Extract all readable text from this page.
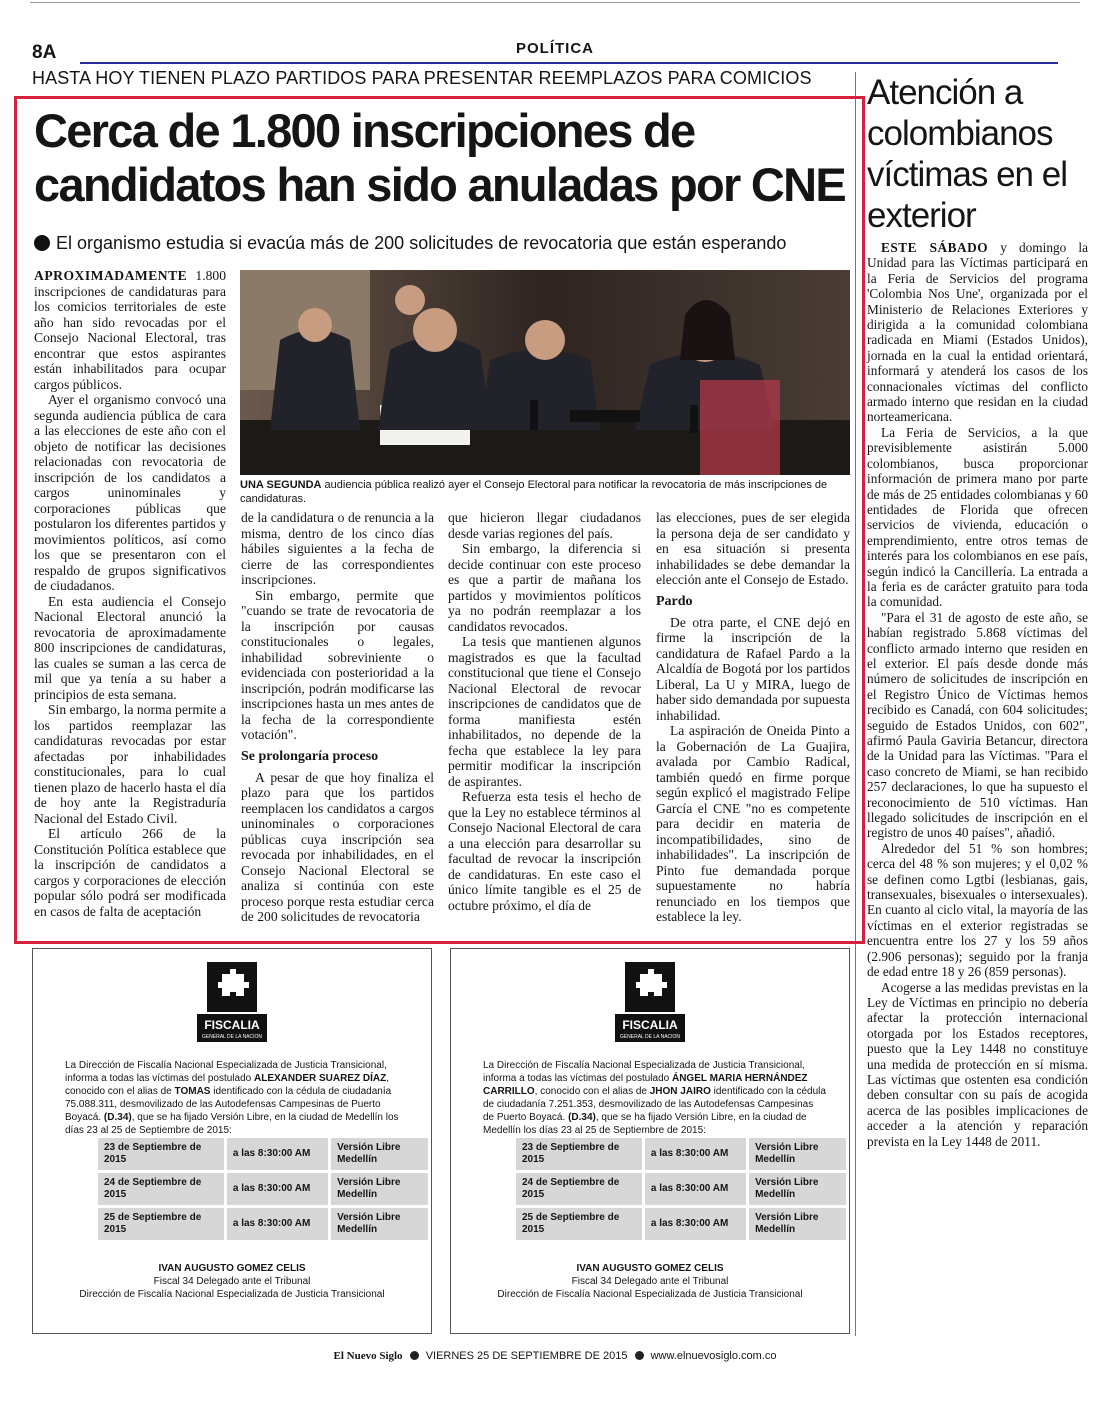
8A	POLÍTICA
HASTA HOY TIENEN PLAZO PARTIDOS PARA PRESENTAR REEMPLAZOS PARA COMICIOS
Cerca de 1.800 inscripciones de candidatos han sido anuladas por CNE
El organismo estudia si evacúa más de 200 solicitudes de revocatoria que están esperando
UNA SEGUNDA audiencia pública realizó ayer el Consejo Electoral para notificar la revocatoria de más inscripciones de candidaturas.

APROXIMADAMENTE 1.800 inscripciones de candidaturas para los comicios territoriales de este año han sido revocadas por el Consejo Nacional Electoral, tras encontrar que estos aspirantes están inhabilitados para ocupar cargos públicos.

Ayer el organismo convocó una segunda audiencia pública de cara a las elecciones de este año con el objeto de notificar las decisiones relacionadas con revocatoria de inscripción de los candidatos a cargos uninominales y corporaciones públicas que postularon los diferentes partidos y movimientos políticos, así como los que se presentaron con el respaldo de grupos significativos de ciudadanos.

En esta audiencia el Consejo Nacional Electoral anunció la revocatoria de aproximadamente 800 inscripciones de candidaturas, las cuales se suman a las cerca de mil que ya tenía a su haber a principios de esta semana.

Sin embargo, la norma permite a los partidos reemplazar las candidaturas revocadas por estar afectadas por inhabilidades constitucionales, para lo cual tienen plazo de hacerlo hasta el día de hoy ante la Registraduría Nacional del Estado Civil.

El artículo 266 de la Constitución Política establece que la inscripción de candidatos a cargos y corporaciones de elección popular sólo podrá ser modificada en casos de falta de aceptación

de la candidatura o de renuncia a la misma, dentro de los cinco días hábiles siguientes a la fecha de cierre de las correspondientes inscripciones.

Sin embargo, permite que "cuando se trate de revocatoria de la inscripción por causas constitucionales o legales, inhabilidad sobreviniente o evidenciada con posterioridad a la inscripción, podrán modificarse las inscripciones hasta un mes antes de la fecha de la correspondiente votación".

Se prolongaría proceso

A pesar de que hoy finaliza el plazo para que los partidos reemplacen los candidatos a cargos uninominales o corporaciones públicas cuya inscripción sea revocada por inhabilidades, en el Consejo Nacional Electoral se analiza si continúa con este proceso porque resta estudiar cerca de 200 solicitudes de revocatoria

que hicieron llegar ciudadanos desde varias regiones del país.

Sin embargo, la diferencia si decide continuar con este proceso es que a partir de mañana los partidos y movimientos políticos ya no podrán reemplazar a los candidatos revocados.

La tesis que mantienen algunos magistrados es que la facultad constitucional que tiene el Consejo Nacional Electoral de revocar inscripciones de candidatos que de forma manifiesta estén inhabilitados, no depende de la fecha que establece la ley para permitir modificar la inscripción de aspirantes.

Refuerza esta tesis el hecho de que la Ley no establece términos al Consejo Nacional Electoral de cara a una elección para desarrollar su facultad de revocar la inscripción de candidaturas. En este caso el único límite tangible es el 25 de octubre próximo, el día de

las elecciones, pues de ser elegida la persona deja de ser candidato y en esa situación si presenta inhabilidades se debe demandar la elección ante el Consejo de Estado.

Pardo

De otra parte, el CNE dejó en firme la inscripción de la candidatura de Rafael Pardo a la Alcaldía de Bogotá por los partidos Liberal, La U y MIRA, luego de haber sido demandada por supuesta inhabilidad.

La aspiración de Oneida Pinto a la Gobernación de La Guajira, avalada por Cambio Radical, también quedó en firme porque según explicó el magistrado Felipe García el CNE "no es competente para decidir en materia de incompatibilidades, sino de inhabilidades". La inscripción de Pinto fue demandada porque supuestamente no habría renunciado en los tiempos que establece la ley.

Atención a colombianos víctimas en el exterior

ESTE SÁBADO y domingo la Unidad para las Víctimas participará en la Feria de Servicios del programa 'Colombia Nos Une', organizada por el Ministerio de Relaciones Exteriores y dirigida a la comunidad colombiana radicada en Miami (Estados Unidos), jornada en la cual la entidad orientará, informará y atenderá los casos de los connacionales víctimas del conflicto armado interno que residan en la ciudad norteamericana.

La Feria de Servicios, a la que previsiblemente asistirán 5.000 colombianos, busca proporcionar información de primera mano por parte de más de 25 entidades colombianas y 60 entidades de Florida que ofrecen servicios de vivienda, educación o emprendimiento, entre otros temas de interés para los colombianos en ese país, según indicó la Cancillería. La entrada a la feria es de carácter gratuito para toda la comunidad.

"Para el 31 de agosto de este año, se habían registrado 5.868 víctimas del conflicto armado interno que residen en el exterior. El país desde donde más número de solicitudes de inscripción en el Registro Único de Víctimas hemos recibido es Canadá, con 604 solicitudes; seguido de Estados Unidos, con 602", afirmó Paula Gaviria Betancur, directora de la Unidad para las Víctimas. "Para el caso concreto de Miami, se han recibido 257 declaraciones, lo que ha supuesto el reconocimiento de 510 víctimas. Han llegado solicitudes de inscripción en el registro de unos 40 países", añadió.

Alrededor del 51 % son hombres; cerca del 48 % son mujeres; y el 0,02 % se definen como Lgtbi (lesbianas, gais, transexuales, bisexuales o intersexuales). En cuanto al ciclo vital, la mayoría de las víctimas en el exterior registradas se encuentra entre los 27 y los 59 años (2.906 personas); seguido por la franja de edad entre 18 y 26 (859 personas).

Acogerse a las medidas previstas en la Ley de Víctimas en principio no debería afectar la protección internacional otorgada por los Estados receptores, puesto que la Ley 1448 no constituye una medida de protección en sí misma. Las víctimas que ostenten esa condición deben consultar con su país de acogida acerca de las posibles implicaciones de acceder a la atención y reparación prevista en la Ley 1448 de 2011.

FISCALIA
GENERAL DE LA NACION
La Dirección de Fiscalía Nacional Especializada de Justicia Transicional, informa a todas las víctimas del postulado ALEXANDER SUAREZ DÍAZ, conocido con el alias de TOMAS identificado con la cédula de ciudadanía 75.088.311, desmovilizado de las Autodefensas Campesinas de Puerto Boyacá. (D.34), que se ha fijado Versión Libre, en la ciudad de Medellín los días 23 al 25 de Septiembre de 2015:
23 de Septiembre de 2015	a las 8:30:00 AM	Versión Libre
Medellín
24 de Septiembre de 2015	a las 8:30:00 AM	Versión Libre
Medellín
25 de Septiembre de 2015	a las 8:30:00 AM	Versión Libre
Medellín
IVAN AUGUSTO GOMEZ CELIS
Fiscal 34 Delegado ante el Tribunal
Dirección de Fiscalía Nacional Especializada de Justicia Transicional
FISCALIA
GENERAL DE LA NACION
La Dirección de Fiscalía Nacional Especializada de Justicia Transicional, informa a todas las víctimas del postulado ÁNGEL MARIA HERNÁNDEZ CARRILLO, conocido con el alias de JHON JAIRO identificado con la cédula de ciudadanía 7.251.353, desmovilizado de las Autodefensas Campesinas de Puerto Boyacá. (D.34), que se ha fijado Versión Libre, en la ciudad de Medellín los días 23 al 25 de Septiembre de 2015:
23 de Septiembre de 2015	a las 8:30:00 AM	Versión Libre
Medellín
24 de Septiembre de 2015	a las 8:30:00 AM	Versión Libre
Medellín
25 de Septiembre de 2015	a las 8:30:00 AM	Versión Libre
Medellín
IVAN AUGUSTO GOMEZ CELIS
Fiscal 34 Delegado ante el Tribunal
Dirección de Fiscalía Nacional Especializada de Justicia Transicional
El Nuevo Siglo VIERNES 25 DE SEPTIEMBRE DE 2015 www.elnuevosiglo.com.co
